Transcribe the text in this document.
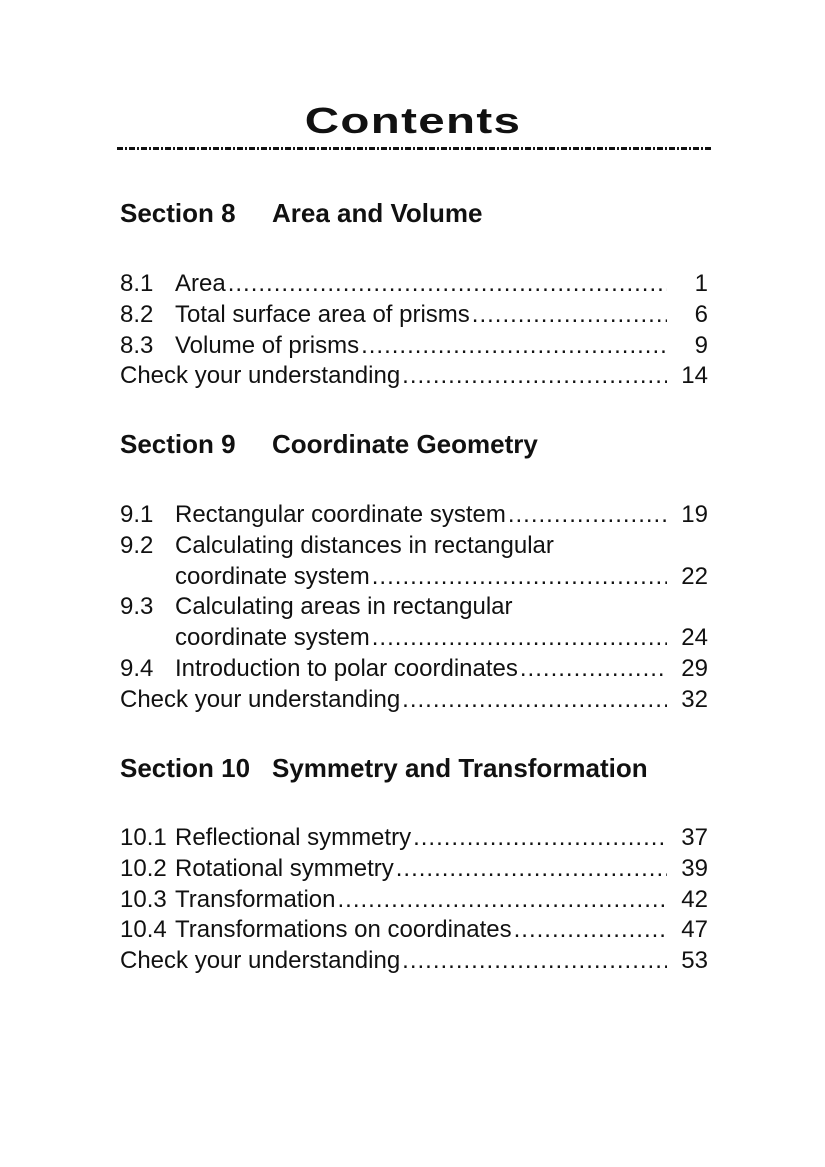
Contents
Section 8 Area and Volume
8.1 Area .....	1
8.2 Total surface area of prisms .....	6
8.3 Volume of prisms .....	9
Check your understanding .....	14
Section 9 Coordinate Geometry
9.1 Rectangular coordinate system .....	19
9.2 Calculating distances in rectangular
coordinate system .....	22
9.3 Calculating areas in rectangular
coordinate system .....	24
9.4 Introduction to polar coordinates .....	29
Check your understanding .....	32
Section 10 Symmetry and Transformation
10.1 Reflectional symmetry .....	37
10.2 Rotational symmetry .....	39
10.3 Transformation .....	42
10.4 Transformations on coordinates .....	47
Check your understanding .....	53
